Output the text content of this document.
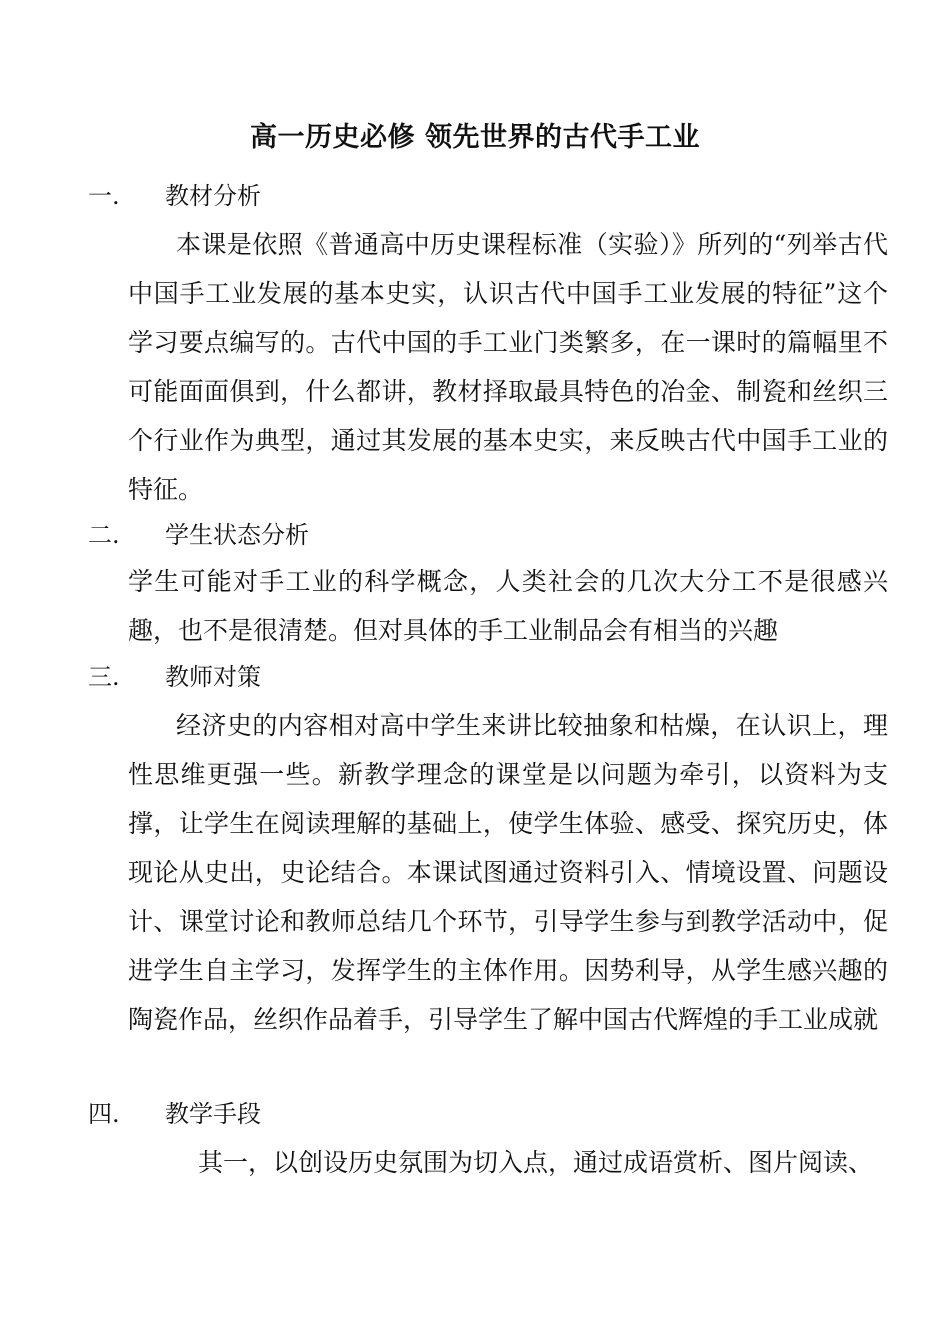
高一历史必修 领先世界的古代手工业
一. 教材分析

本课是依照《普通高中历史课程标准（实验）》所列的“列举古代中国手工业发展的基本史实，认识古代中国手工业发展的特征”这个学习要点编写的。古代中国的手工业门类繁多，在一课时的篇幅里不可能面面俱到，什么都讲，教材择取最具特色的冶金、制瓷和丝织三个行业作为典型，通过其发展的基本史实，来反映古代中国手工业的特征。

二. 学生状态分析

学生可能对手工业的科学概念，人类社会的几次大分工不是很感兴趣，也不是很清楚。但对具体的手工业制品会有相当的兴趣

三. 教师对策

经济史的内容相对高中学生来讲比较抽象和枯燥，在认识上，理性思维更强一些。新教学理念的课堂是以问题为牵引，以资料为支撑，让学生在阅读理解的基础上，使学生体验、感受、探究历史，体现论从史出，史论结合。本课试图通过资料引入、情境设置、问题设计、课堂讨论和教师总结几个环节，引导学生参与到教学活动中，促进学生自主学习，发挥学生的主体作用。因势利导，从学生感兴趣的陶瓷作品，丝织作品着手，引导学生了解中国古代辉煌的手工业成就

四. 教学手段

其一，以创设历史氛围为切入点，通过成语赏析、图片阅读、
